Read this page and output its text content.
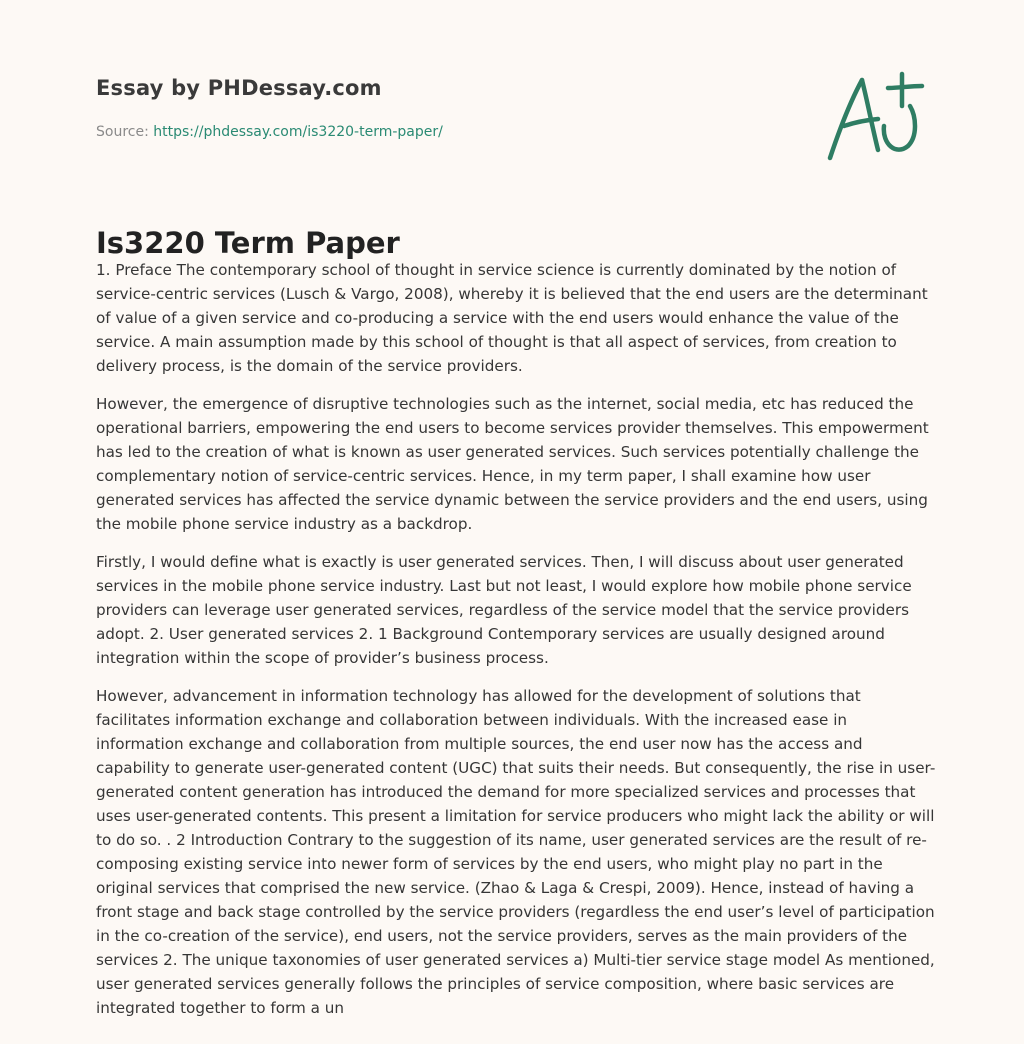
Essay by PHDessay.com
Source: https://phdessay.com/is3220-term-paper/
Is3220 Term Paper

1. Preface The contemporary school of thought in service science is currently dominated by the notion of service-centric services (Lusch & Vargo, 2008), whereby it is believed that the end users are the determinant of value of a given service and co-producing a service with the end users would enhance the value of the service. A main assumption made by this school of thought is that all aspect of services, from creation to delivery process, is the domain of the service providers.

However, the emergence of disruptive technologies such as the internet, social media, etc has reduced the operational barriers, empowering the end users to become services provider themselves. This empowerment has led to the creation of what is known as user generated services. Such services potentially challenge the complementary notion of service-centric services. Hence, in my term paper, I shall examine how user generated services has affected the service dynamic between the service providers and the end users, using the mobile phone service industry as a backdrop.

Firstly, I would define what is exactly is user generated services. Then, I will discuss about user generated services in the mobile phone service industry. Last but not least, I would explore how mobile phone service providers can leverage user generated services, regardless of the service model that the service providers adopt. 2. User generated services 2. 1 Background Contemporary services are usually designed around integration within the scope of provider’s business process.

However, advancement in information technology has allowed for the development of solutions that facilitates information exchange and collaboration between individuals. With the increased ease in information exchange and collaboration from multiple sources, the end user now has the access and capability to generate user-generated content (UGC) that suits their needs. But consequently, the rise in user-generated content generation has introduced the demand for more specialized services and processes that uses user-generated contents. This present a limitation for service producers who might lack the ability or will to do so. . 2 Introduction Contrary to the suggestion of its name, user generated services are the result of re-composing existing service into newer form of services by the end users, who might play no part in the original services that comprised the new service. (Zhao & Laga & Crespi, 2009). Hence, instead of having a front stage and back stage controlled by the service providers (regardless the end user’s level of participation in the co-creation of the service), end users, not the service providers, serves as the main providers of the services 2. The unique taxonomies of user generated services a) Multi-tier service stage model As mentioned, user generated services generally follows the principles of service composition, where basic services are integrated together to form a un
